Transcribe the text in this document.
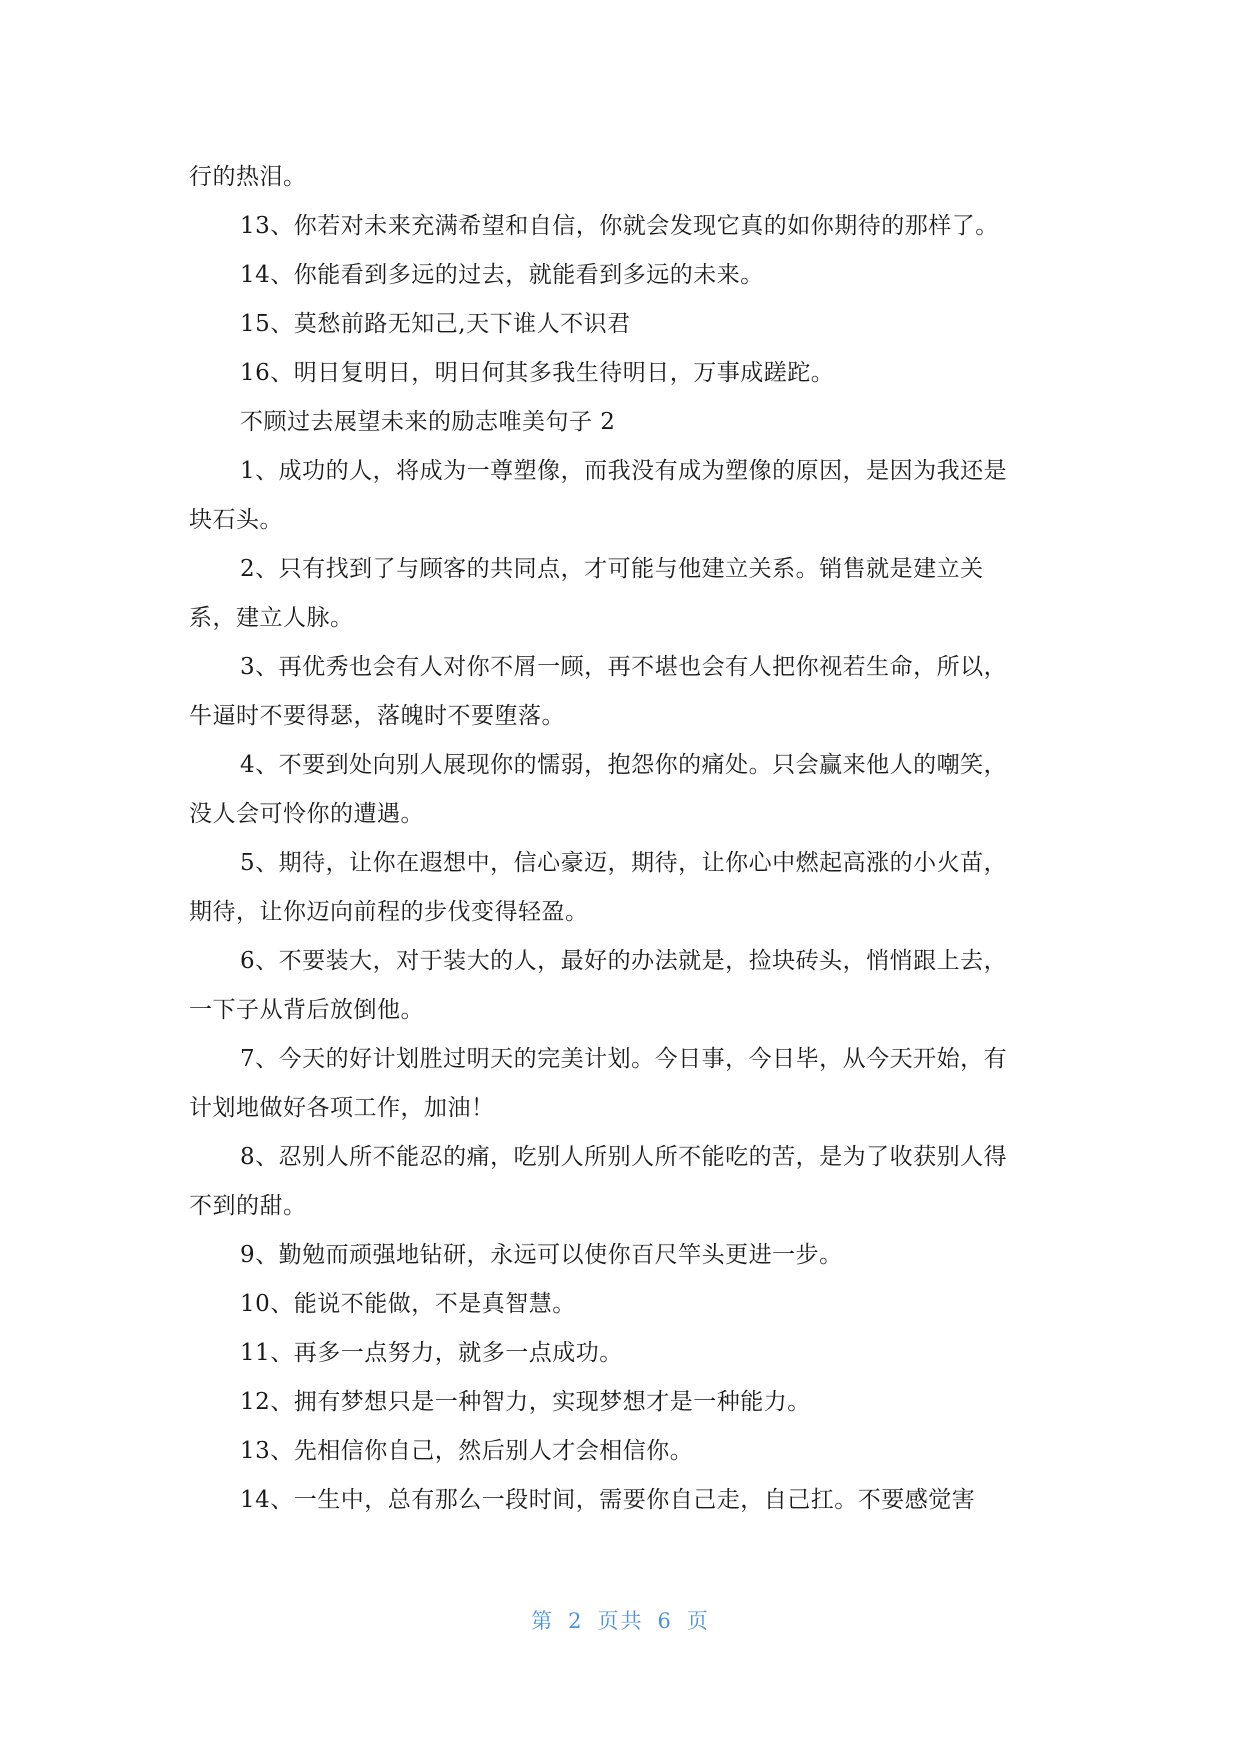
行的热泪。
13、你若对未来充满希望和自信，你就会发现它真的如你期待的那样了。
14、你能看到多远的过去，就能看到多远的未来。
15、莫愁前路无知己,天下谁人不识君
16、明日复明日，明日何其多我生待明日，万事成蹉跎。
不顾过去展望未来的励志唯美句子 2
1、成功的人，将成为一尊塑像，而我没有成为塑像的原因，是因为我还是
块石头。
2、只有找到了与顾客的共同点，才可能与他建立关系。销售就是建立关
系，建立人脉。
3、再优秀也会有人对你不屑一顾，再不堪也会有人把你视若生命，所以，
牛逼时不要得瑟，落魄时不要堕落。
4、不要到处向别人展现你的懦弱，抱怨你的痛处。只会赢来他人的嘲笑，
没人会可怜你的遭遇。
5、期待，让你在遐想中，信心豪迈，期待，让你心中燃起高涨的小火苗，
期待，让你迈向前程的步伐变得轻盈。
6、不要装大，对于装大的人，最好的办法就是，捡块砖头，悄悄跟上去，
一下子从背后放倒他。
7、今天的好计划胜过明天的完美计划。今日事，今日毕，从今天开始，有
计划地做好各项工作，加油！
8、忍别人所不能忍的痛，吃别人所别人所不能吃的苦，是为了收获别人得
不到的甜。
9、勤勉而顽强地钻研，永远可以使你百尺竿头更进一步。
10、能说不能做，不是真智慧。
11、再多一点努力，就多一点成功。
12、拥有梦想只是一种智力，实现梦想才是一种能力。
13、先相信你自己，然后别人才会相信你。
14、一生中，总有那么一段时间，需要你自己走，自己扛。不要感觉害
第 2 页共 6 页
